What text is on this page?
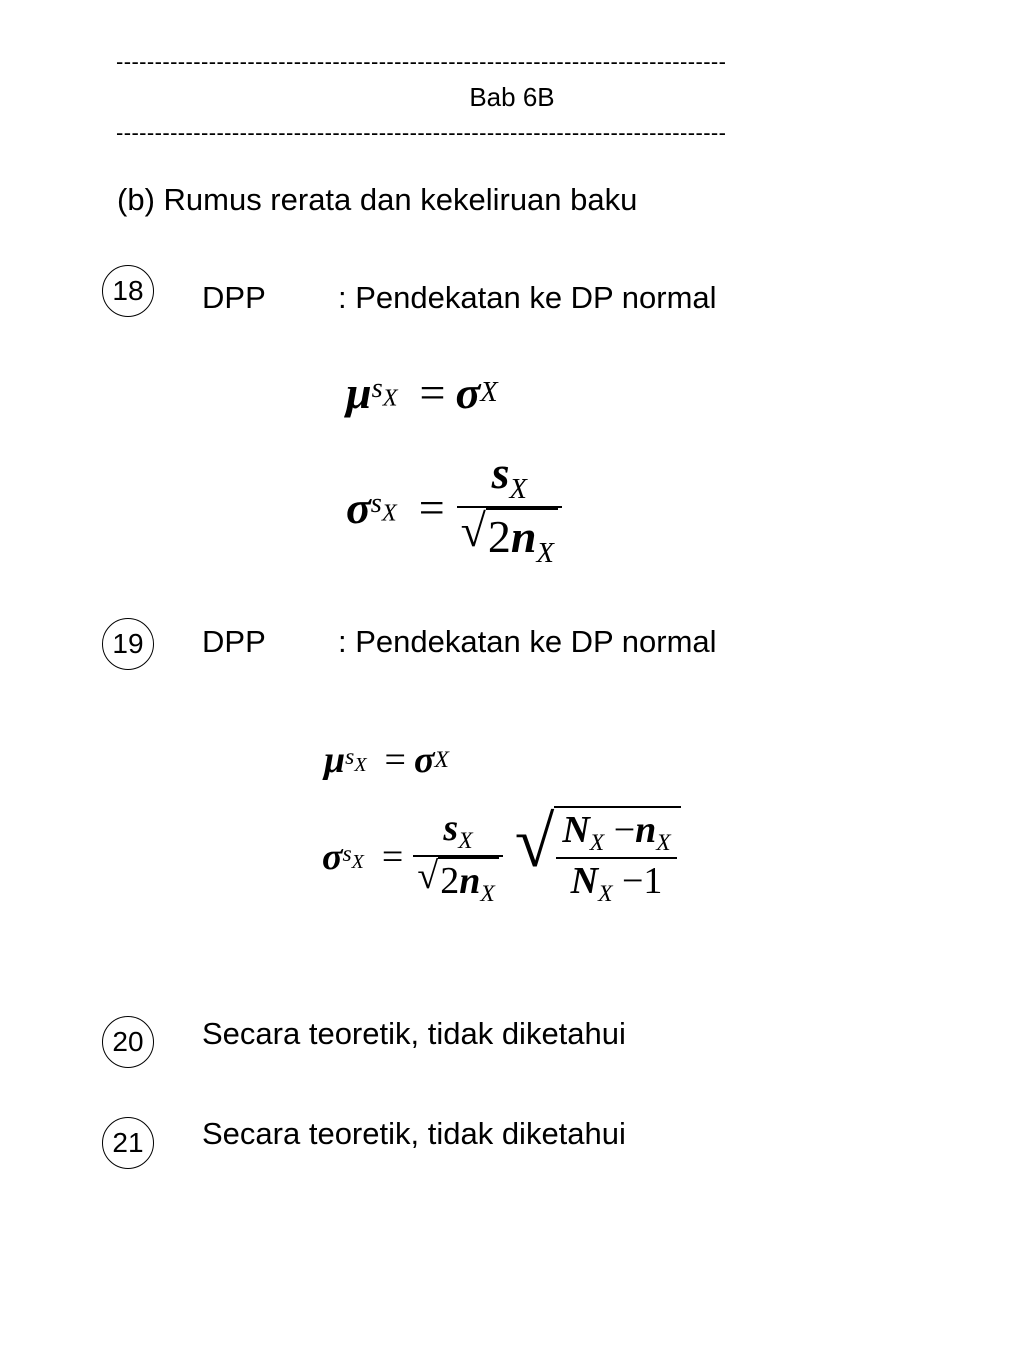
-------------------------------------------------------------------------------
Bab 6B
-------------------------------------------------------------------------------
(b) Rumus rerata dan kekeliruan baku
18	DPP : Pendekatan ke DP normal
μ $s_X = \sigma$ X
σ $s_X = \frac{s_X}{√ 2n_X}$
19	DPP : Pendekatan ke DP normal
μ $s_X = \sigma$ X
σ $s_X = \frac{s_X}{√ 2n_X}$ √ $\frac{N_X -n_X}{N_X -1}$
20	Secara teoretik, tidak diketahui
21	Secara teoretik, tidak diketahui
